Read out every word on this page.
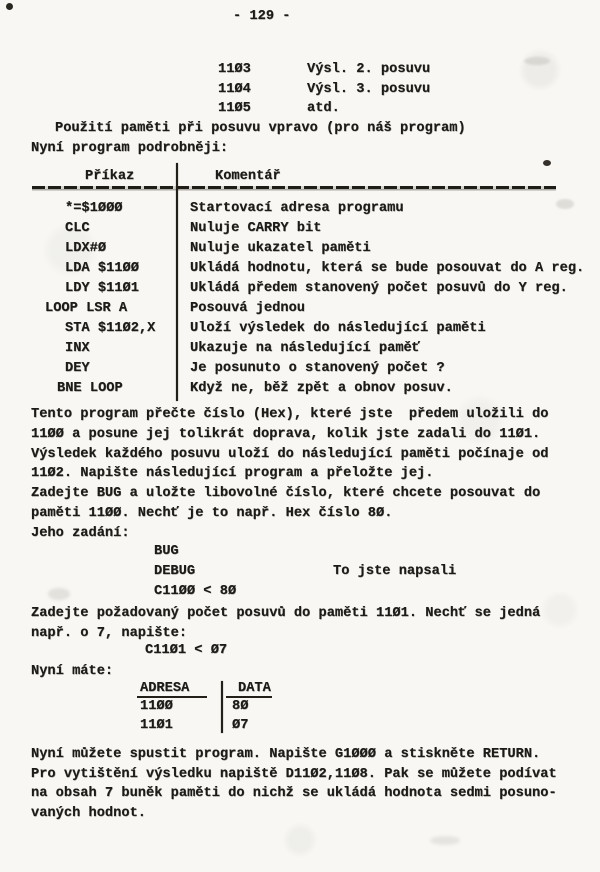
- 129 -
11Ø3	Výsl. 2. posuvu
11Ø4	Výsl. 3. posuvu
11Ø5	atd.
Použití paměti při posuvu vpravo (pro náš program)
Nyní program podrobněji:
Příkaz	Komentář
*=$1ØØØ	Startovací adresa programu
CLC	Nuluje CARRY bit
LDX#Ø	Nuluje ukazatel paměti
LDA $11ØØ	Ukládá hodnotu, která se bude posouvat do A reg.
LDY $11Ø1	Ukládá předem stanovený počet posuvů do Y reg.
LOOP LSR A	Posouvá jednou
STA $11Ø2,X	Uloží výsledek do následující paměti
INX	Ukazuje na následující paměť
DEY	Je posunuto o stanovený počet ?
BNE LOOP	Když ne, běž zpět a obnov posuv.
Tento program přečte číslo (Hex), které jste  předem uložili do
11ØØ a posune jej tolikrát doprava, kolik jste zadali do 11Ø1.
Výsledek každého posuvu uloží do následující paměti počínaje od
11Ø2. Napište následující program a přeložte jej.
Zadejte BUG a uložte libovolné číslo, které chcete posouvat do
paměti 11ØØ. Nechť je to např. Hex číslo 8Ø.
Jeho zadání:
BUG
DEBUG	To jste napsali
C11ØØ < 8Ø
Zadejte požadovaný počet posuvů do paměti 11Ø1. Nechť se jedná
např. o 7, napište:
C11Ø1 < Ø7
Nyní máte:
ADRESA	DATA
11ØØ	8Ø
11Ø1	Ø7
Nyní můžete spustit program. Napište G1ØØØ a stiskněte RETURN.
Pro vytištění výsledku napiště D11Ø2,11Ø8. Pak se můžete podívat
na obsah 7 buněk paměti do nichž se ukládá hodnota sedmi posuno-
vaných hodnot.
